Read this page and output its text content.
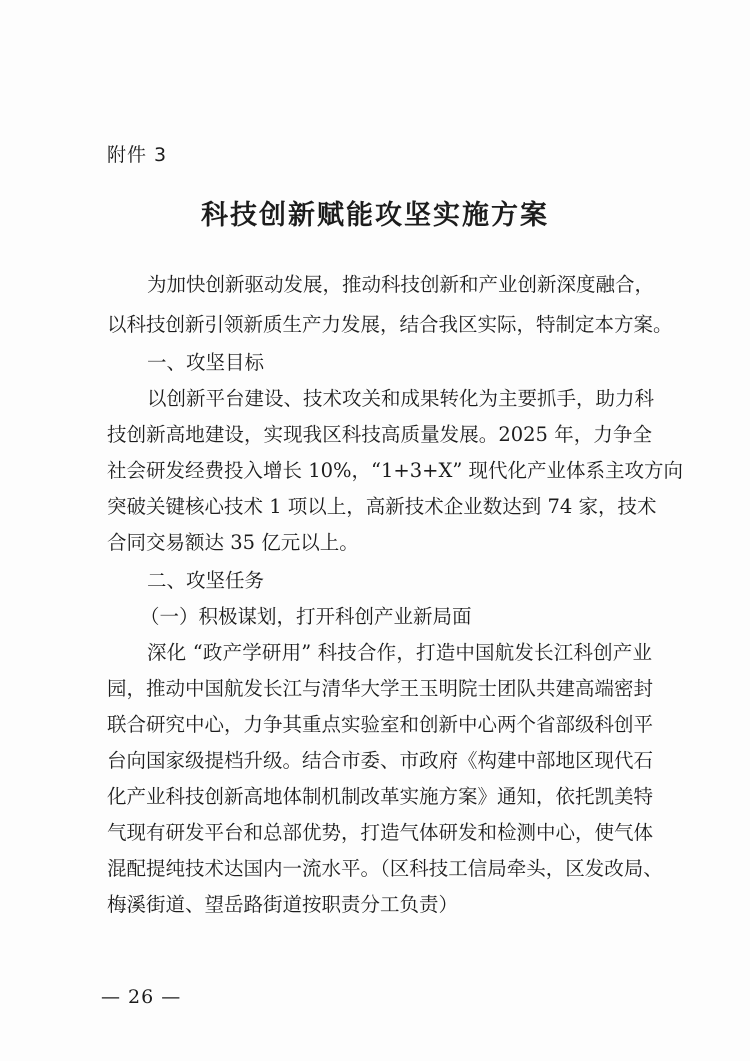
附件 3
科技创新赋能攻坚实施方案
为加快创新驱动发展，推动科技创新和产业创新深度融合，
以科技创新引领新质生产力发展，结合我区实际，特制定本方案。
一、攻坚目标
以创新平台建设、技术攻关和成果转化为主要抓手，助力科
技创新高地建设，实现我区科技高质量发展。2025 年，力争全
社会研发经费投入增长 10%，“1+3+X” 现代化产业体系主攻方向
突破关键核心技术 1 项以上，高新技术企业数达到 74 家，技术
合同交易额达 35 亿元以上。
二、攻坚任务
（一）积极谋划，打开科创产业新局面
深化 “政产学研用” 科技合作，打造中国航发长江科创产业
园，推动中国航发长江与清华大学王玉明院士团队共建高端密封
联合研究中心，力争其重点实验室和创新中心两个省部级科创平
台向国家级提档升级。结合市委、市政府《构建中部地区现代石
化产业科技创新高地体制机制改革实施方案》通知，依托凯美特
气现有研发平台和总部优势，打造气体研发和检测中心，使气体
混配提纯技术达国内一流水平。（区科技工信局牵头，区发改局、
梅溪街道、望岳路街道按职责分工负责）
— 26 —
